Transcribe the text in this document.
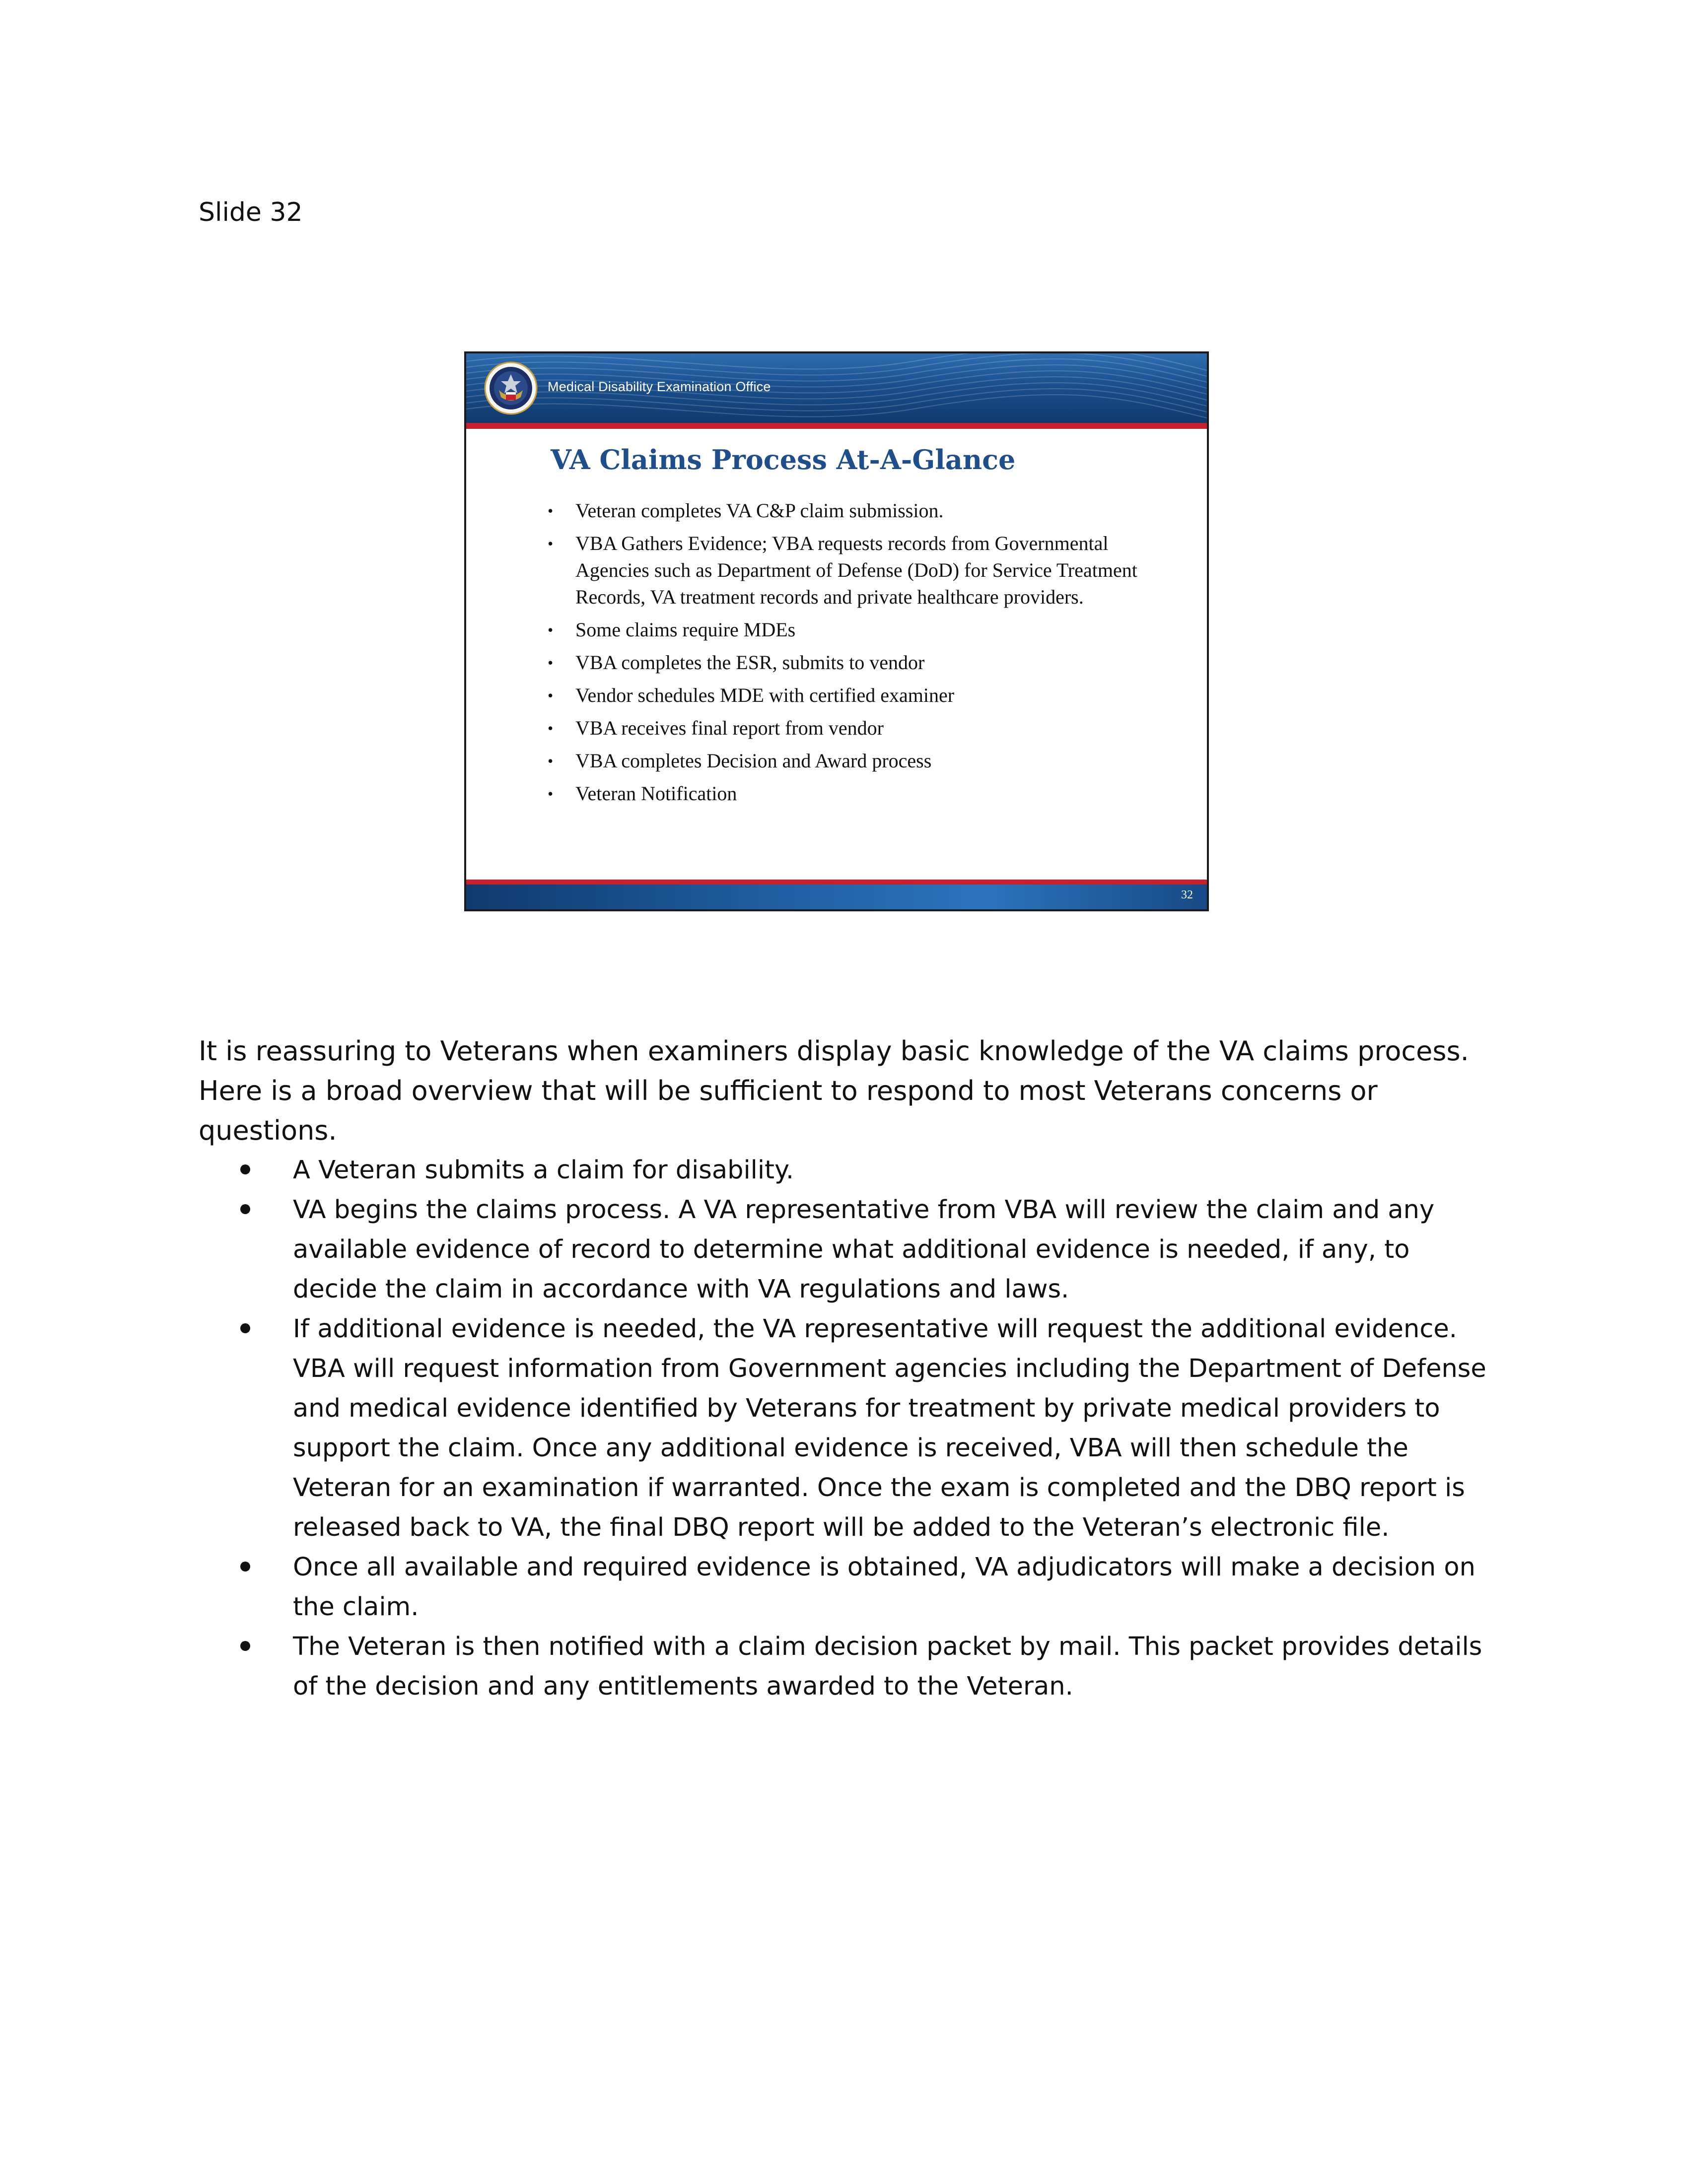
Slide 32
Medical Disability Examination Office
VA Claims Process At-A-Glance
• Veteran completes VA C&P claim submission.
• VBA Gathers Evidence; VBA requests records from Governmental Agencies such as Department of Defense (DoD) for Service Treatment Records, VA treatment records and private healthcare providers.
• Some claims require MDEs
• VBA completes the ESR, submits to vendor
• Vendor schedules MDE with certified examiner
• VBA receives final report from vendor
• VBA completes Decision and Award process
• Veteran Notification
32

It is reassuring to Veterans when examiners display basic knowledge of the VA claims process. Here is a broad overview that will be sufficient to respond to most Veterans concerns or questions.

A Veteran submits a claim for disability.
VA begins the claims process. A VA representative from VBA will review the claim and any available evidence of record to determine what additional evidence is needed, if any, to decide the claim in accordance with VA regulations and laws.
If additional evidence is needed, the VA representative will request the additional evidence. VBA will request information from Government agencies including the Department of Defense and medical evidence identified by Veterans for treatment by private medical providers to support the claim. Once any additional evidence is received, VBA will then schedule the Veteran for an examination if warranted. Once the exam is completed and the DBQ report is released back to VA, the final DBQ report will be added to the Veteran’s electronic file.
Once all available and required evidence is obtained, VA adjudicators will make a decision on the claim.
The Veteran is then notified with a claim decision packet by mail. This packet provides details of the decision and any entitlements awarded to the Veteran.
